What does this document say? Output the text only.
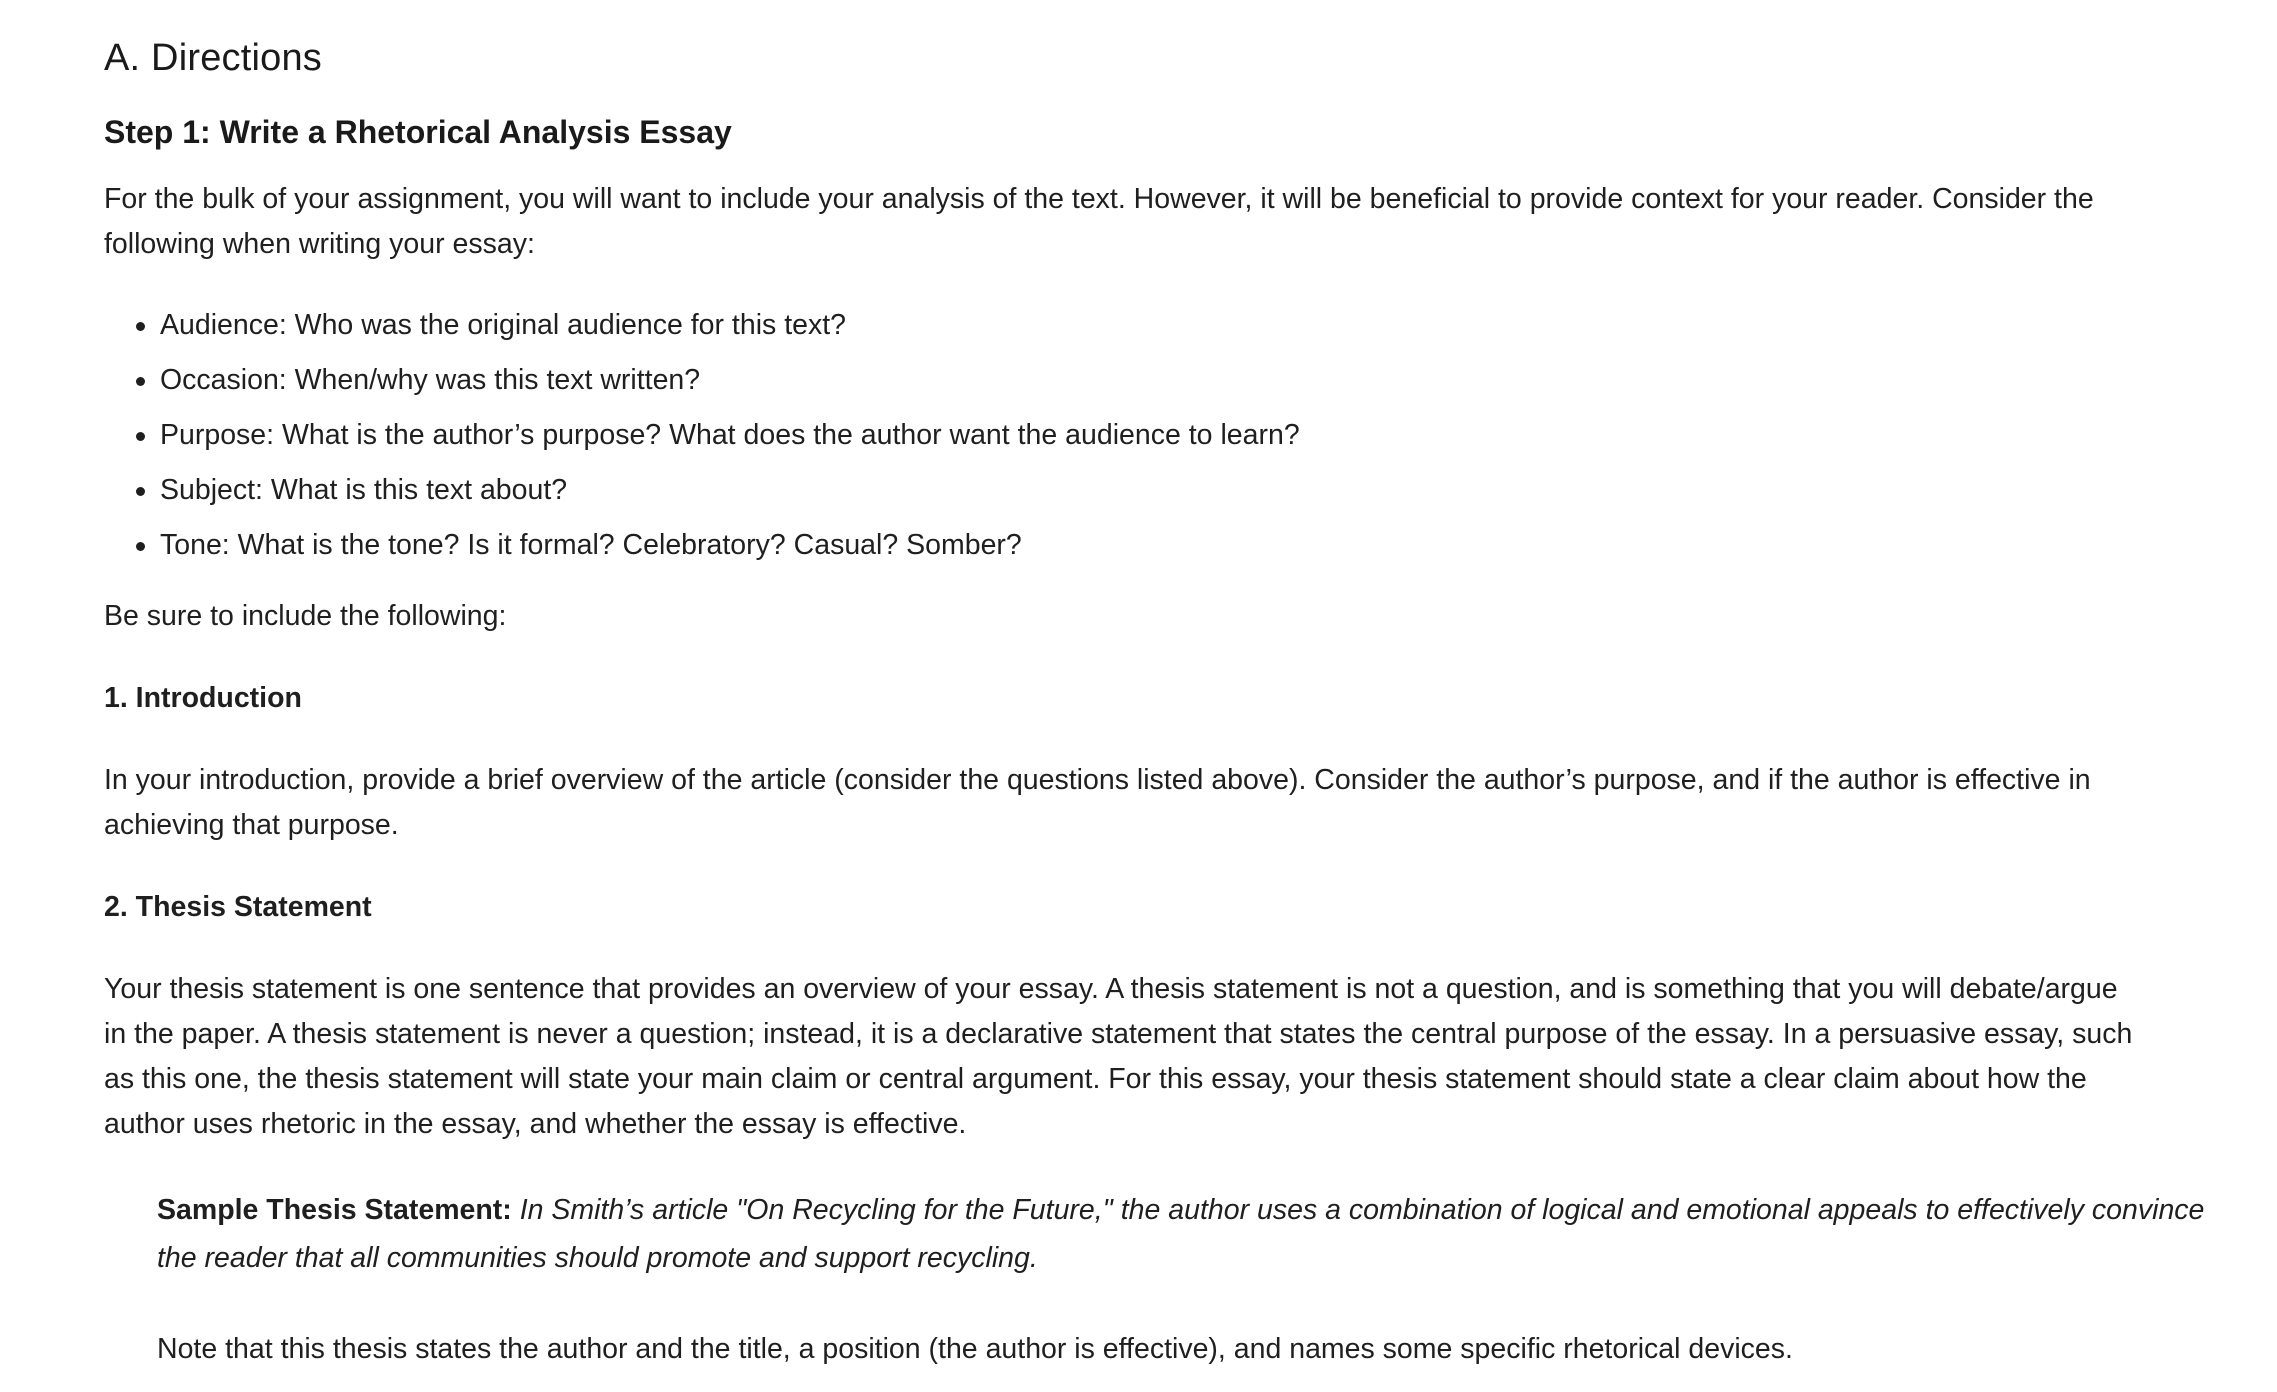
A. Directions
Step 1: Write a Rhetorical Analysis Essay

For the bulk of your assignment, you will want to include your analysis of the text. However, it will be beneficial to provide context for your reader. Consider the following when writing your essay:

Audience: Who was the original audience for this text?
Occasion: When/why was this text written?
Purpose: What is the author’s purpose? What does the author want the audience to learn?
Subject: What is this text about?
Tone: What is the tone? Is it formal? Celebratory? Casual? Somber?

Be sure to include the following:

1. Introduction

In your introduction, provide a brief overview of the article (consider the questions listed above). Consider the author’s purpose, and if the author is effective in achieving that purpose.

2. Thesis Statement

Your thesis statement is one sentence that provides an overview of your essay. A thesis statement is not a question, and is something that you will debate/argue in the paper. A thesis statement is never a question; instead, it is a declarative statement that states the central purpose of the essay. In a persuasive essay, such as this one, the thesis statement will state your main claim or central argument. For this essay, your thesis statement should state a clear claim about how the author uses rhetoric in the essay, and whether the essay is effective.

Sample Thesis Statement: In Smith’s article "On Recycling for the Future," the author uses a combination of logical and emotional appeals to effectively convince the reader that all communities should promote and support recycling.

Note that this thesis states the author and the title, a position (the author is effective), and names some specific rhetorical devices.
